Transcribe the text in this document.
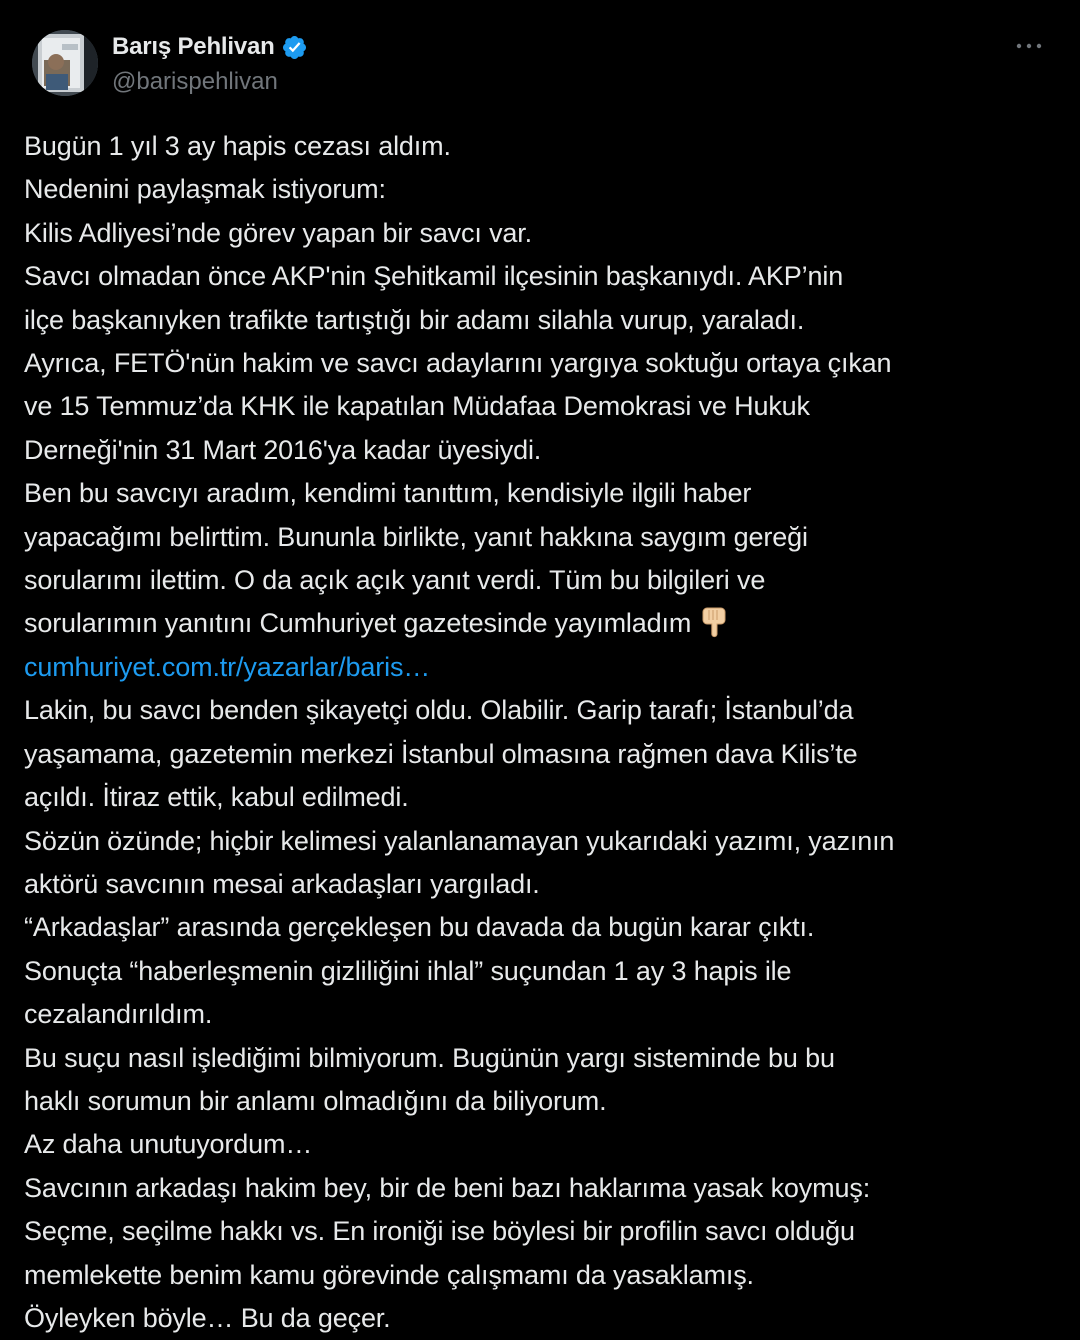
Barış Pehlivan
@barispehlivan
Bugün 1 yıl 3 ay hapis cezası aldım.
Nedenini paylaşmak istiyorum:
Kilis Adliyesi’nde görev yapan bir savcı var.
Savcı olmadan önce AKP'nin Şehitkamil ilçesinin başkanıydı. AKP’nin
ilçe başkanıyken trafikte tartıştığı bir adamı silahla vurup, yaraladı.
Ayrıca, FETÖ'nün hakim ve savcı adaylarını yargıya soktuğu ortaya çıkan
ve 15 Temmuz’da KHK ile kapatılan Müdafaa Demokrasi ve Hukuk
Derneği'nin 31 Mart 2016'ya kadar üyesiydi.
Ben bu savcıyı aradım, kendimi tanıttım, kendisiyle ilgili haber
yapacağımı belirttim. Bununla birlikte, yanıt hakkına saygım gereği
sorularımı ilettim. O da açık açık yanıt verdi. Tüm bu bilgileri ve
sorularımın yanıtını Cumhuriyet gazetesinde yayımladım
cumhuriyet.com.tr/yazarlar/baris…
Lakin, bu savcı benden şikayetçi oldu. Olabilir. Garip tarafı; İstanbul’da
yaşamama, gazetemin merkezi İstanbul olmasına rağmen dava Kilis’te
açıldı. İtiraz ettik, kabul edilmedi.
Sözün özünde; hiçbir kelimesi yalanlanamayan yukarıdaki yazımı, yazının
aktörü savcının mesai arkadaşları yargıladı.
“Arkadaşlar” arasında gerçekleşen bu davada da bugün karar çıktı.
Sonuçta “haberleşmenin gizliliğini ihlal” suçundan 1 ay 3 hapis ile
cezalandırıldım.
Bu suçu nasıl işlediğimi bilmiyorum. Bugünün yargı sisteminde bu bu
haklı sorumun bir anlamı olmadığını da biliyorum.
Az daha unutuyordum…
Savcının arkadaşı hakim bey, bir de beni bazı haklarıma yasak koymuş:
Seçme, seçilme hakkı vs. En ironiği ise böylesi bir profilin savcı olduğu
memlekette benim kamu görevinde çalışmamı da yasaklamış.
Öyleyken böyle… Bu da geçer.
